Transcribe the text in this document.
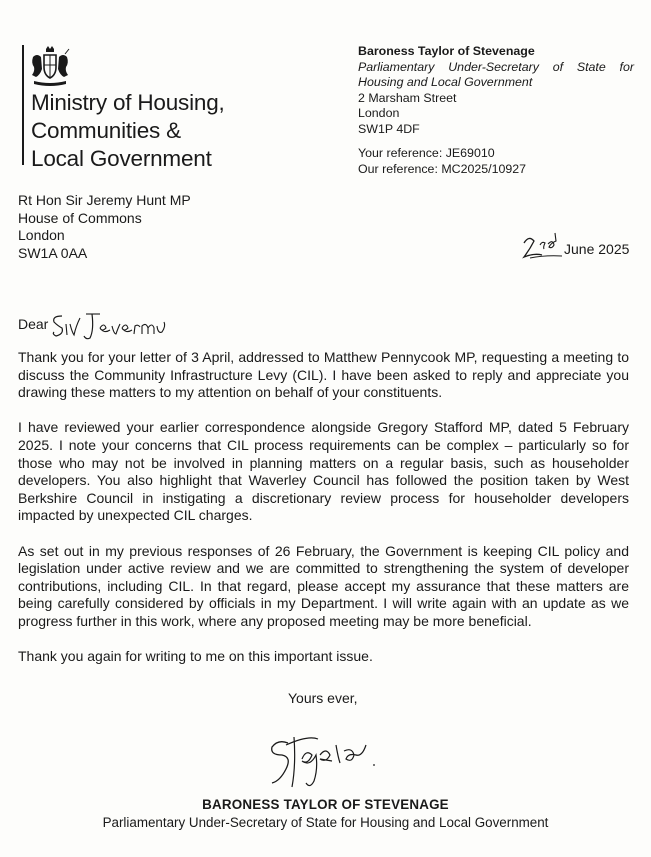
Ministry of Housing,
Communities &
Local Government
Baroness Taylor of Stevenage
Parliamentary Under-Secretary of State for
Housing and Local Government
2 Marsham Street
London
SW1P 4DF
Your reference: JE69010
Our reference: MC2025/10927
Rt Hon Sir Jeremy Hunt MP
House of Commons
London
SW1A 0AA	June 2025
Dear

Thank you for your letter of 3 April, addressed to Matthew Pennycook MP, requesting a meeting to discuss the Community Infrastructure Levy (CIL). I have been asked to reply and appreciate you drawing these matters to my attention on behalf of your constituents.

I have reviewed your earlier correspondence alongside Gregory Stafford MP, dated 5 February 2025. I note your concerns that CIL process requirements can be complex – particularly so for those who may not be involved in planning matters on a regular basis, such as householder developers. You also highlight that Waverley Council has followed the position taken by West Berkshire Council in instigating a discretionary review process for householder developers impacted by unexpected CIL charges.

As set out in my previous responses of 26 February, the Government is keeping CIL policy and legislation under active review and we are committed to strengthening the system of developer contributions, including CIL. In that regard, please accept my assurance that these matters are being carefully considered by officials in my Department. I will write again with an update as we progress further in this work, where any proposed meeting may be more beneficial.

Thank you again for writing to me on this important issue.

Yours ever,
BARONESS TAYLOR OF STEVENAGE
Parliamentary Under-Secretary of State for Housing and Local Government
